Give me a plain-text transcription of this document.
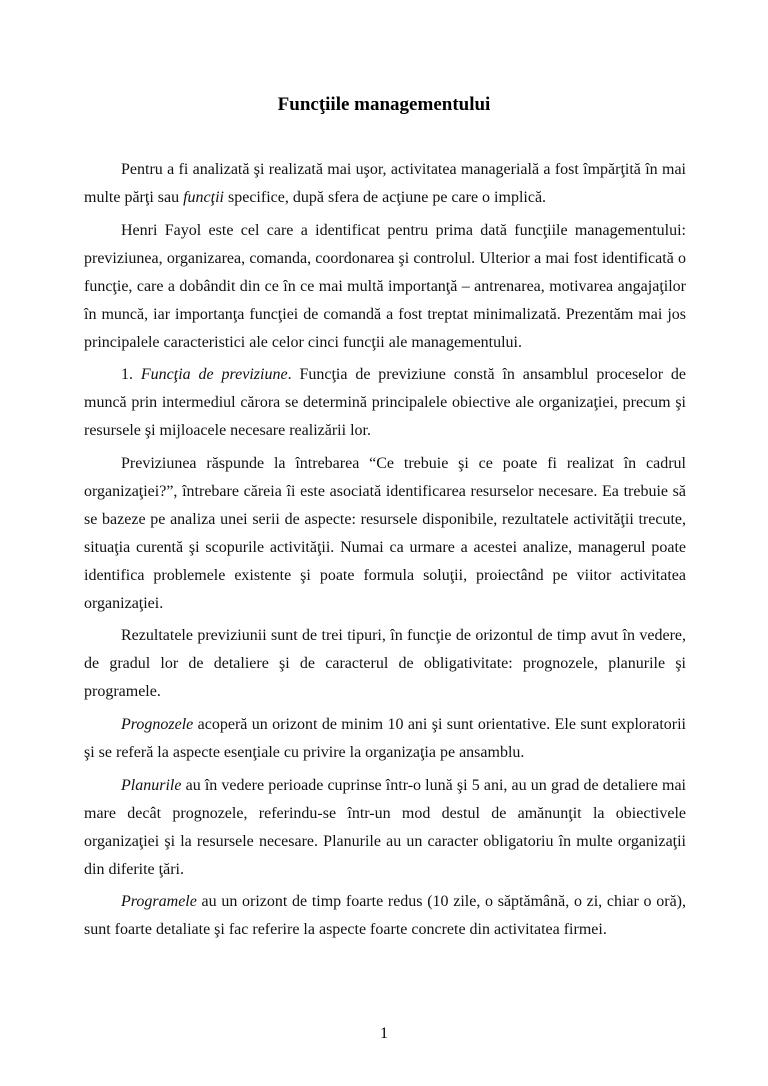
Funcţiile managementului

Pentru a fi analizată şi realizată mai uşor, activitatea managerială a fost împărţită în mai multe părţi sau funcţii specifice, după sfera de acţiune pe care o implică.

Henri Fayol este cel care a identificat pentru prima dată funcţiile managementului: previziunea, organizarea, comanda, coordonarea şi controlul. Ulterior a mai fost identificată o funcţie, care a dobândit din ce în ce mai multă importanţă – antrenarea, motivarea angajaţilor în muncă, iar importanţa funcţiei de comandă a fost treptat minimalizată. Prezentăm mai jos principalele caracteristici ale celor cinci funcţii ale managementului.

1. Funcţia de previziune. Funcţia de previziune constă în ansamblul proceselor de muncă prin intermediul cărora se determină principalele obiective ale organizaţiei, precum şi resursele şi mijloacele necesare realizării lor.

Previziunea răspunde la întrebarea “Ce trebuie şi ce poate fi realizat în cadrul organizaţiei?”, întrebare căreia îi este asociată identificarea resurselor necesare. Ea trebuie să se bazeze pe analiza unei serii de aspecte: resursele disponibile, rezultatele activităţii trecute, situaţia curentă şi scopurile activităţii. Numai ca urmare a acestei analize, managerul poate identifica problemele existente şi poate formula soluţii, proiectând pe viitor activitatea organizaţiei.

Rezultatele previziunii sunt de trei tipuri, în funcţie de orizontul de timp avut în vedere, de gradul lor de detaliere şi de caracterul de obligativitate: prognozele, planurile şi programele.

Prognozele acoperă un orizont de minim 10 ani şi sunt orientative. Ele sunt exploratorii şi se referă la aspecte esenţiale cu privire la organizaţia pe ansamblu.

Planurile au în vedere perioade cuprinse într-o lună şi 5 ani, au un grad de detaliere mai mare decât prognozele, referindu-se într-un mod destul de amănunţit la obiectivele organizaţiei şi la resursele necesare. Planurile au un caracter obligatoriu în multe organizaţii din diferite ţări.

Programele au un orizont de timp foarte redus (10 zile, o săptămână, o zi, chiar o oră), sunt foarte detaliate şi fac referire la aspecte foarte concrete din activitatea firmei.

1
